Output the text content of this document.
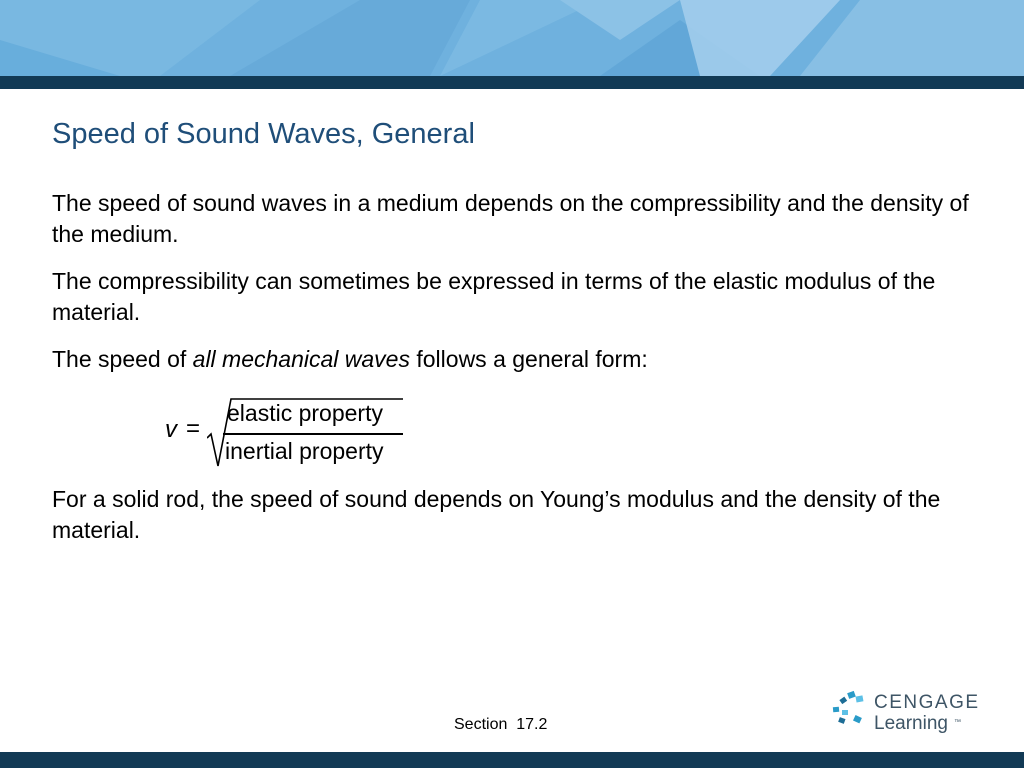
Speed of Sound Waves, General

The speed of sound waves in a medium depends on the compressibility and the density of the medium.

The compressibility can sometimes be expressed in terms of the elastic modulus of the material.

The speed of all mechanical waves follows a general form:

v =
elastic property
inertial property

For a solid rod, the speed of sound depends on Young’s modulus and the density of the material.

Section  17.2
CENGAGE
Learning ™
